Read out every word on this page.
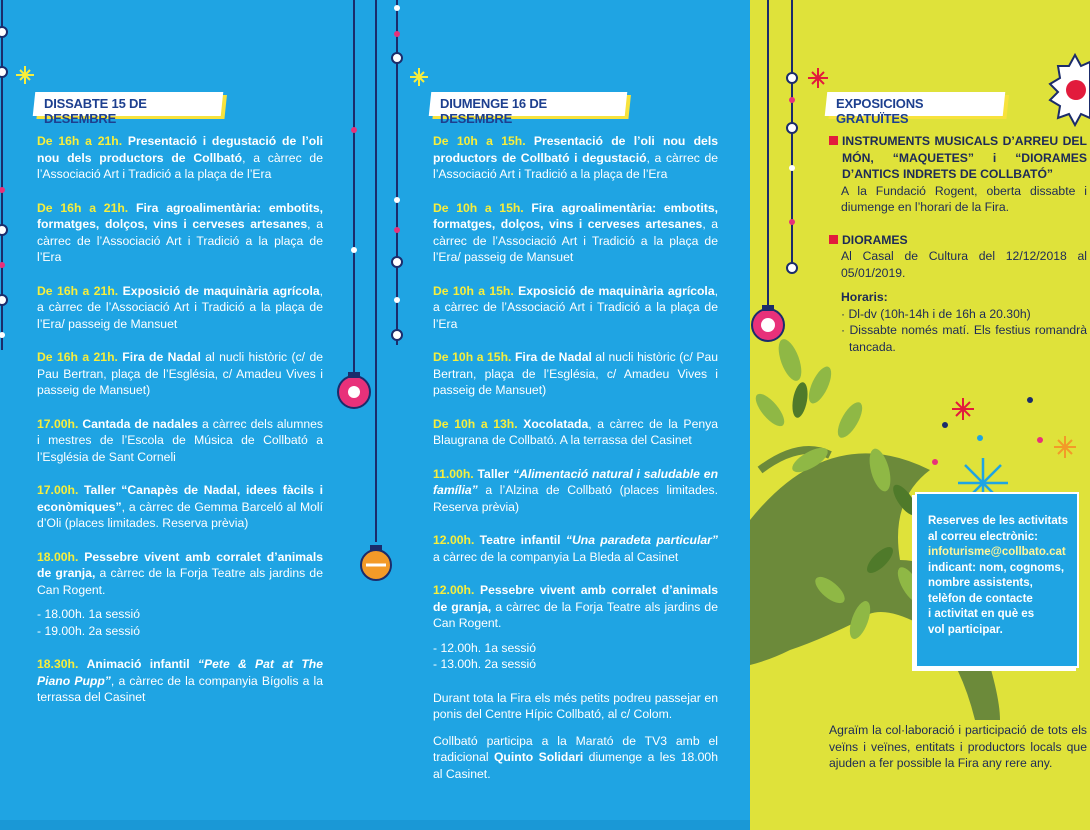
DISSABTE 15 DE DESEMBRE
DIUMENGE 16 DE DESEMBRE
EXPOSICIONS GRATUÏTES

De 16h a 21h. Presentació i degustació de l’oli nou dels productors de Collbató, a càrrec de l’Associació Art i Tradició a la plaça de l’Era

De 16h a 21h. Fira agroalimentària: embotits, formatges, dolços, vins i cerveses artesanes, a càrrec de l’Associació Art i Tradició a la plaça de l’Era

De 16h a 21h. Exposició de maquinària agrícola, a càrrec de l’Associació Art i Tradició a la plaça de l’Era/ passeig de Mansuet

De 16h a 21h. Fira de Nadal al nucli històric (c/ de Pau Bertran, plaça de l’Església, c/ Amadeu Vives i passeig de Mansuet)

17.00h. Cantada de nadales a càrrec dels alumnes i mestres de l’Escola de Música de Collbató a l’Església de Sant Corneli

17.00h. Taller “Canapès de Nadal, idees fàcils i econòmiques”, a càrrec de Gemma Barceló al Molí d’Oli (places limitades. Reserva prèvia)

18.00h. Pessebre vivent amb corralet d’animals de granja, a càrrec de la Forja Teatre als jardins de Can Rogent.

- 18.00h. 1a sessió

- 19.00h. 2a sessió

18.30h. Animació infantil “Pete & Pat at The Piano Pupp”, a càrrec de la companyia Bígolis a la terrassa del Casinet

De 10h a 15h. Presentació de l’oli nou dels productors de Collbató i degustació, a càrrec de l’Associació Art i Tradició a la plaça de l’Era

De 10h a 15h. Fira agroalimentària: embotits, formatges, dolços, vins i cerveses artesanes, a càrrec de l’Associació Art i Tradició a la plaça de l’Era/ passeig de Mansuet

De 10h a 15h. Exposició de maquinària agrícola, a càrrec de l’Associació Art i Tradició a la plaça de l’Era

De 10h a 15h. Fira de Nadal al nucli històric (c/ Pau Bertran, plaça de l’Església, c/ Amadeu Vives i passeig de Mansuet)

De 10h a 13h. Xocolatada, a càrrec de la Penya Blaugrana de Collbató. A la terrassa del Casinet

11.00h. Taller “Alimentació natural i saludable en família” a l’Alzina de Collbató (places limitades. Reserva prèvia)

12.00h. Teatre infantil “Una paradeta particular” a càrrec de la companyia La Bleda al Casinet

12.00h. Pessebre vivent amb corralet d’animals de granja, a càrrec de la Forja Teatre als jardins de Can Rogent.

- 12.00h. 1a sessió

- 13.00h. 2a sessió

Durant tota la Fira els més petits podreu passejar en ponis del Centre Hípic Collbató, al c/ Colom.

Collbató participa a la Marató de TV3 amb el tradicional Quinto Solidari diumenge a les 18.00h al Casinet.

INSTRUMENTS MUSICALS D’ARREU DEL MÓN, “MAQUETES” i “DIORAMES D’ANTICS INDRETS DE COLLBATÓ”

A la Fundació Rogent, oberta dissabte i diumenge en l’horari de la Fira.

DIORAMES

Al Casal de Cultura del 12/12/2018 al 05/01/2019.

Horaris:
· Dl-dv (10h-14h i de 16h a 20.30h)
· Dissabte només matí. Els festius romandrà tancada.
Reserves de les activitats
al correu electrònic:
infoturisme@collbato.cat
indicant: nom, cognoms,
nombre assistents,
telèfon de contacte
i activitat en què es
vol participar.
Agraïm la col·laboració i participació de tots els veïns i veïnes, entitats i productors locals que ajuden a fer possible la Fira any rere any.
